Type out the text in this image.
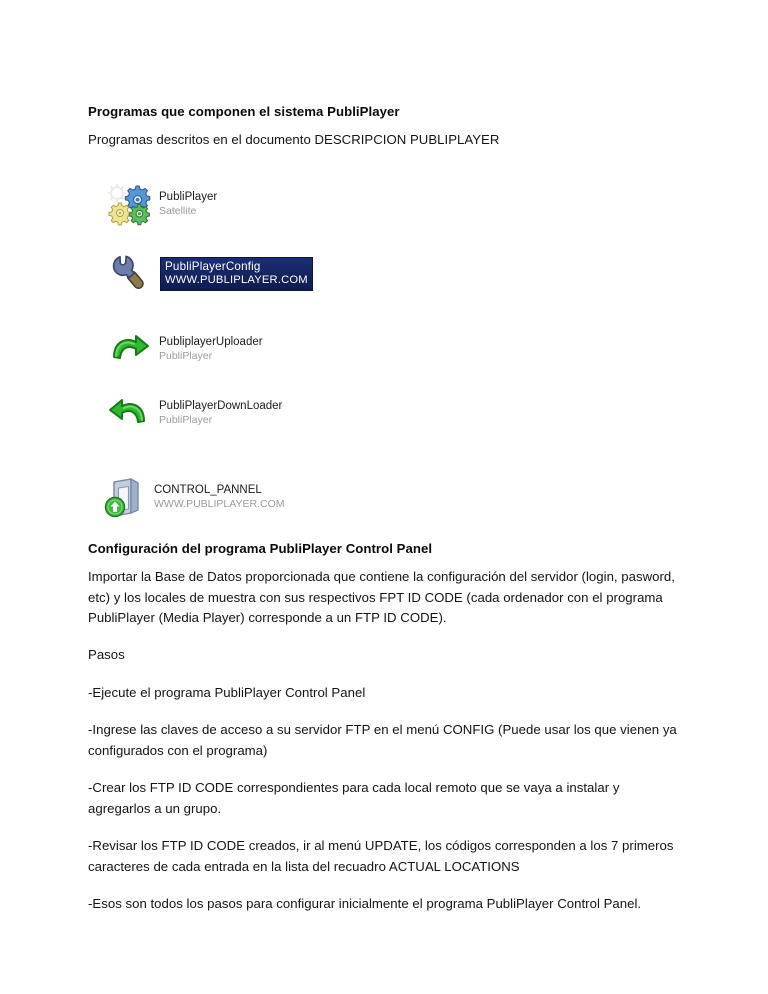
Programas que componen el sistema PubliPlayer

Programas descritos en el documento DESCRIPCION PUBLIPLAYER

PubliPlayer
Satellite
PubliPlayerConfig
WWW.PUBLIPLAYER.COM
PubliplayerUploader
PubliPlayer
PubliPlayerDownLoader
PubliPlayer
CONTROL_PANNEL
WWW.PUBLIPLAYER.COM
Configuración del programa PubliPlayer Control Panel

Importar la Base de Datos proporcionada que contiene la configuración del servidor (login, pasword, etc) y los locales de muestra con sus respectivos FPT ID CODE (cada ordenador con el programa PubliPlayer (Media Player) corresponde a un FTP ID CODE).

Pasos

-Ejecute el programa PubliPlayer Control Panel

-Ingrese las claves de acceso a su servidor FTP en el menú CONFIG (Puede usar los que vienen ya configurados con el programa)

-Crear los FTP ID CODE correspondientes para cada local remoto que se vaya a instalar y agregarlos a un grupo.

-Revisar los FTP ID CODE creados, ir al menú UPDATE, los códigos corresponden a los 7 primeros caracteres de cada entrada en la lista del recuadro ACTUAL LOCATIONS

-Esos son todos los pasos para configurar inicialmente el programa PubliPlayer Control Panel.
